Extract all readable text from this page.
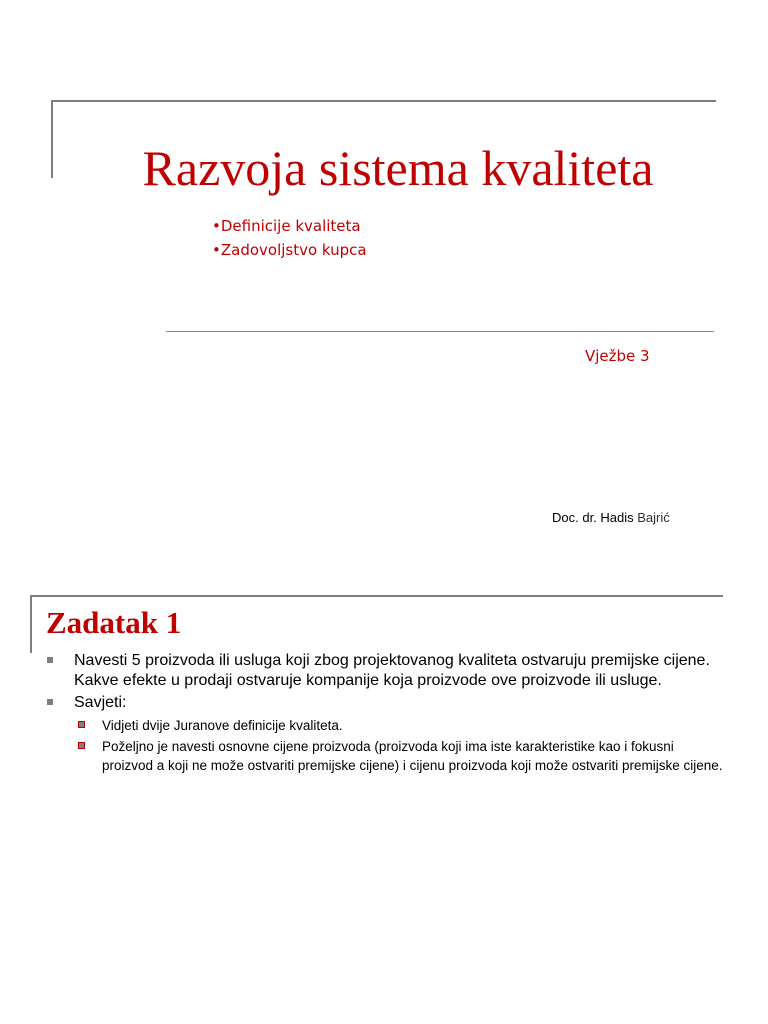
Razvoja sistema kvaliteta
•Definicije kvaliteta
•Zadovoljstvo kupca
Vježbe 3
Doc. dr. Hadis Bajrić
Zadatak 1
Navesti 5 proizvoda ili usluga koji zbog projektovanog kvaliteta ostvaruju premijske cijene. Kakve efekte u prodaji ostvaruje kompanije koja proizvode ove proizvode ili usluge.
Savjeti:
Vidjeti dvije Juranove definicije kvaliteta.
Poželjno je navesti osnovne cijene proizvoda (proizvoda koji ima iste karakteristike kao i fokusni proizvod a koji ne može ostvariti premijske cijene) i cijenu proizvoda koji može ostvariti premijske cijene.
